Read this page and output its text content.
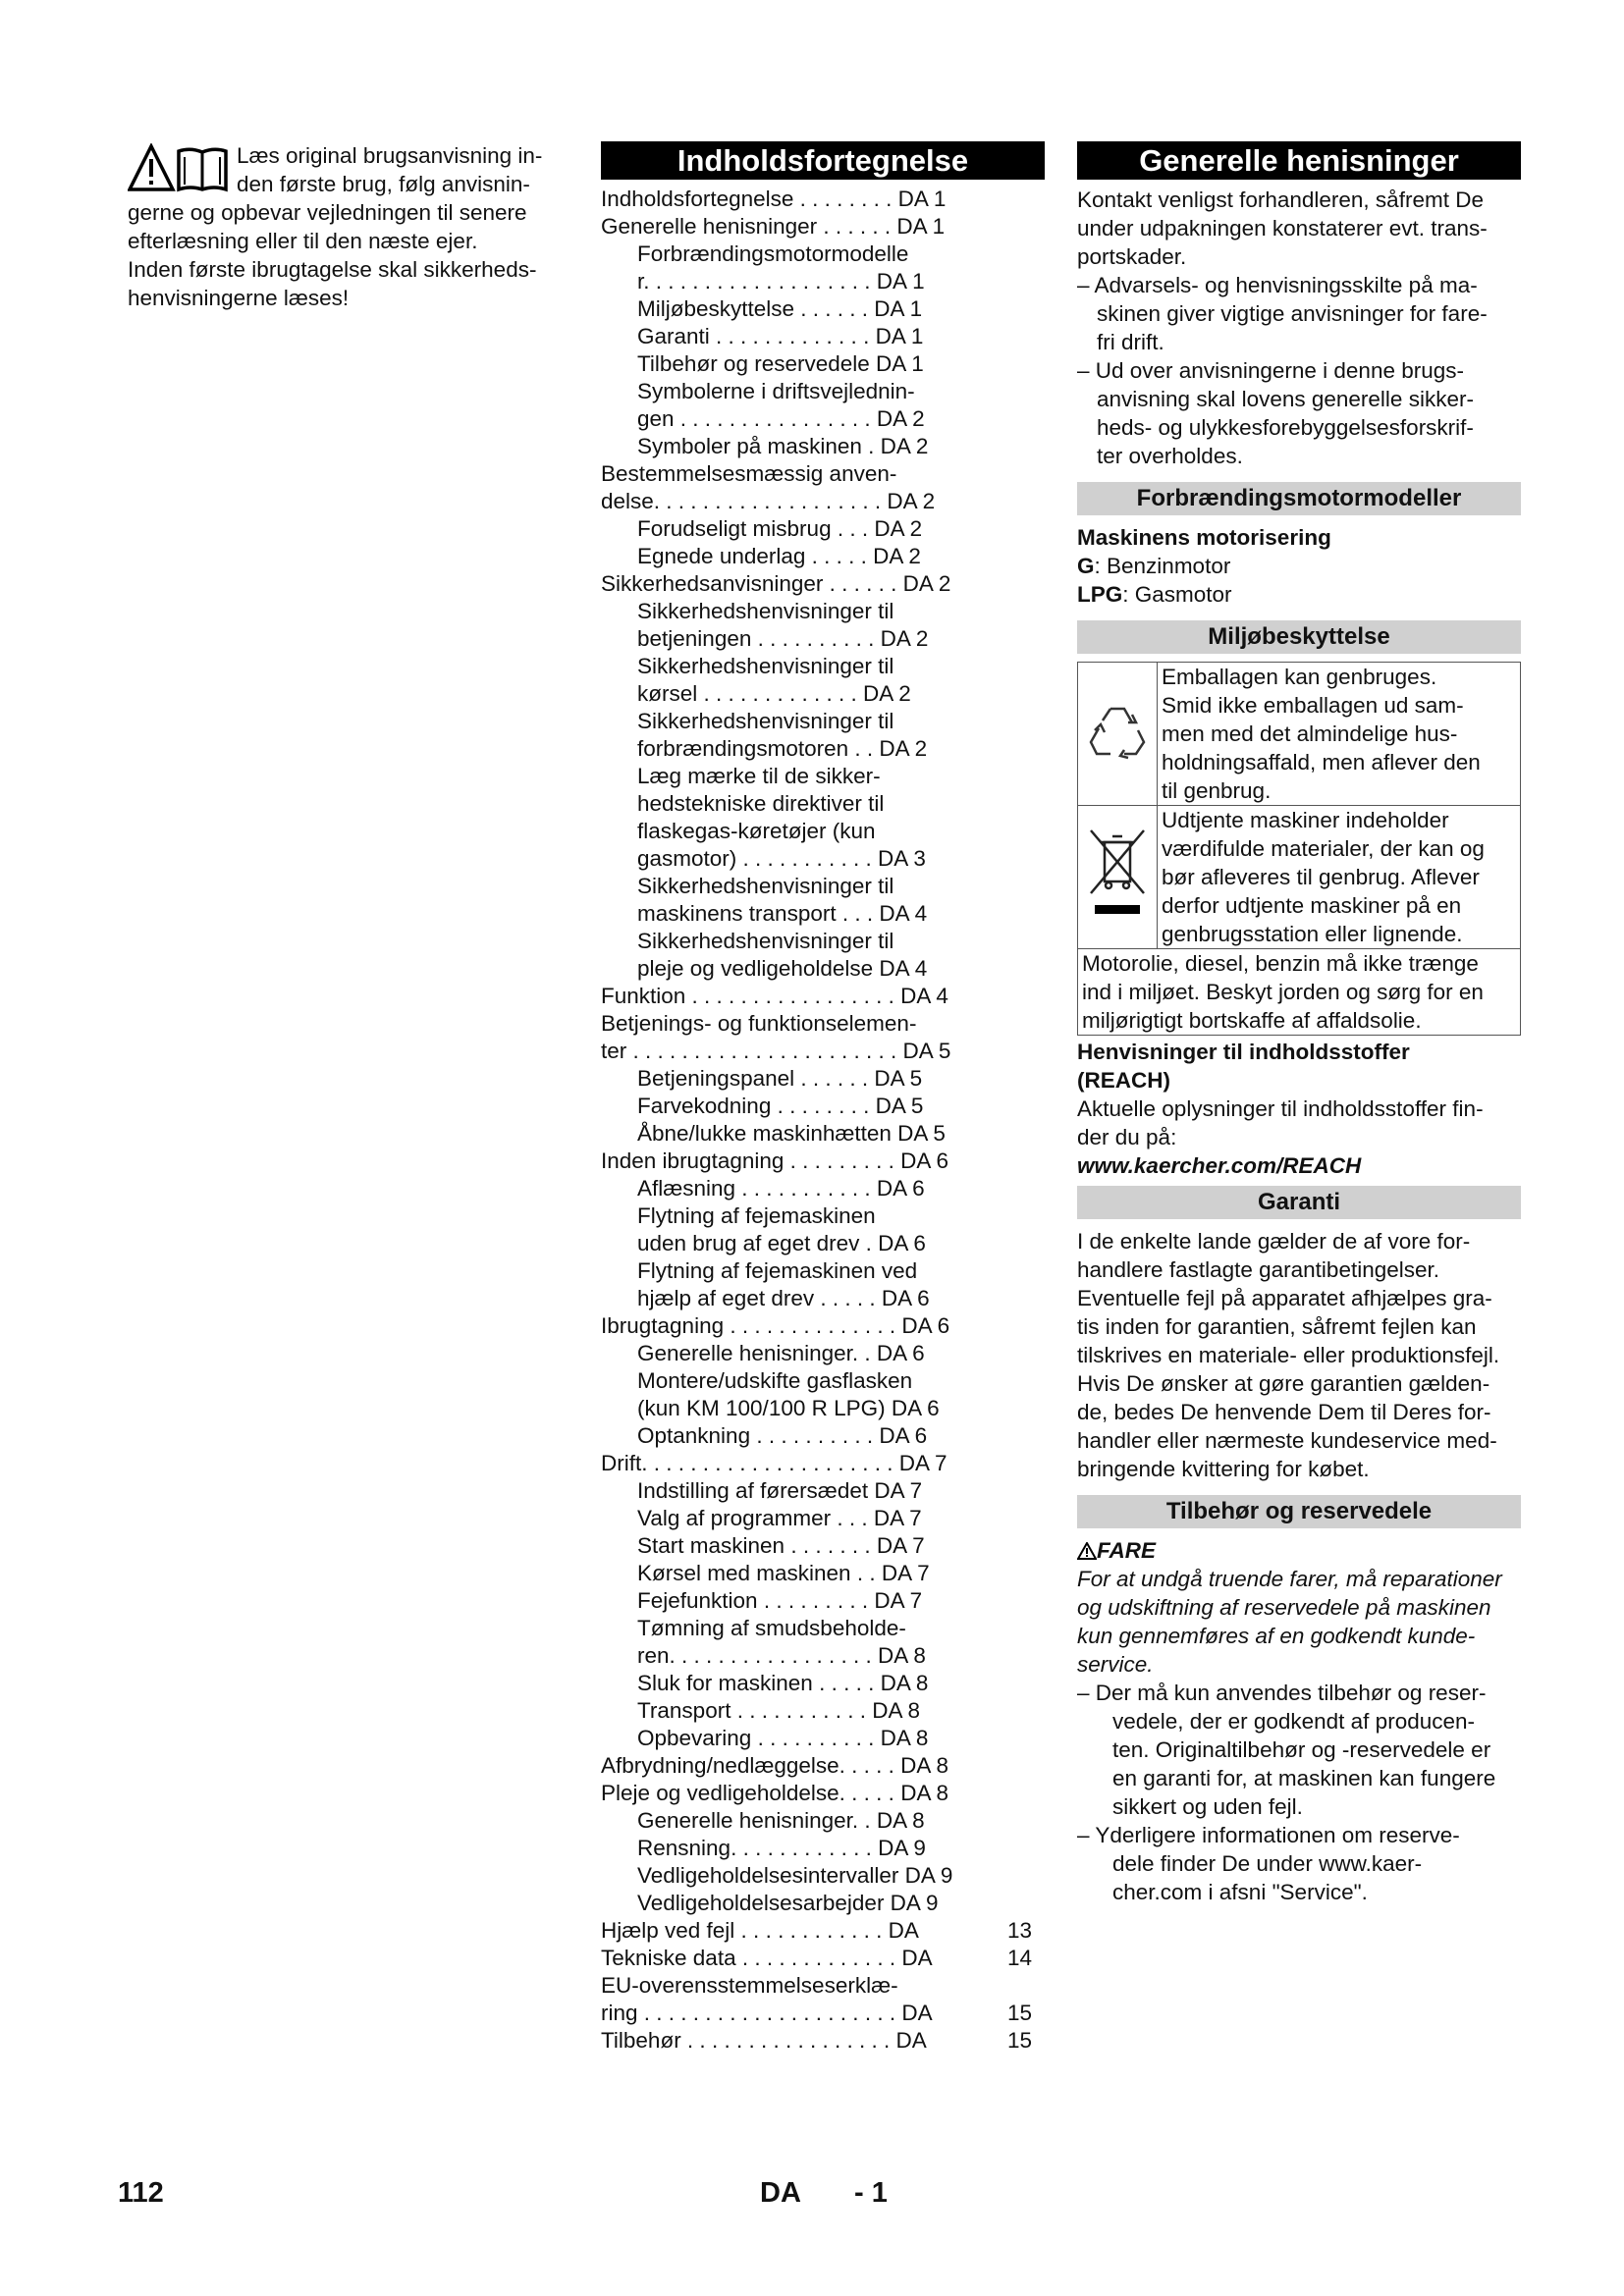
Læs original brugsanvisning in-
den første brug, følg anvisnin-
gerne og opbevar vejledningen til senere
efterlæsning eller til den næste ejer.
Inden første ibrugtagelse skal sikkerheds-
henvisningerne læses!
Indholdsfortegnelse
Indholdsfortegnelse . . . . . . . . DA 1
Generelle henisninger . . . . . . DA 1
Forbrændingsmotormodelle
r. . . . . . . . . . . . . . . . . . . DA 1
Miljøbeskyttelse . . . . . . DA 1
Garanti . . . . . . . . . . . . . DA 1
Tilbehør og reservedele DA 1
Symbolerne i driftsvejlednin-
gen . . . . . . . . . . . . . . . . DA 2
Symboler på maskinen . DA 2
Bestemmelsesmæssig anven-
delse. . . . . . . . . . . . . . . . . . . DA 2
Forudseligt misbrug . . . DA 2
Egnede underlag . . . . . DA 2
Sikkerhedsanvisninger . . . . . . DA 2
Sikkerhedshenvisninger til
betjeningen . . . . . . . . . . DA 2
Sikkerhedshenvisninger til
kørsel . . . . . . . . . . . . . DA 2
Sikkerhedshenvisninger til
forbrændingsmotoren . . DA 2
Læg mærke til de sikker-
hedstekniske direktiver til
flaskegas-køretøjer (kun
gasmotor) . . . . . . . . . . . DA 3
Sikkerhedshenvisninger til
maskinens transport . . . DA 4
Sikkerhedshenvisninger til
pleje og vedligeholdelse DA 4
Funktion . . . . . . . . . . . . . . . . . DA 4
Betjenings- og funktionselemen-
ter . . . . . . . . . . . . . . . . . . . . . . DA 5
Betjeningspanel . . . . . . DA 5
Farvekodning . . . . . . . . DA 5
Åbne/lukke maskinhætten DA 5
Inden ibrugtagning . . . . . . . . . DA 6
Aflæsning . . . . . . . . . . . DA 6
Flytning af fejemaskinen
uden brug af eget drev . DA 6
Flytning af fejemaskinen ved
hjælp af eget drev . . . . . DA 6
Ibrugtagning . . . . . . . . . . . . . . DA 6
Generelle henisninger. . DA 6
Montere/udskifte gasflasken
(kun KM 100/100 R LPG) DA 6
Optankning . . . . . . . . . . DA 6
Drift. . . . . . . . . . . . . . . . . . . . . DA 7
Indstilling af førersædet DA 7
Valg af programmer . . . DA 7
Start maskinen . . . . . . . DA 7
Kørsel med maskinen . . DA 7
Fejefunktion . . . . . . . . . DA 7
Tømning af smudsbeholde-
ren. . . . . . . . . . . . . . . . . DA 8
Sluk for maskinen . . . . . DA 8
Transport . . . . . . . . . . . DA 8
Opbevaring . . . . . . . . . . DA 8
Afbrydning/nedlæggelse. . . . . DA 8
Pleje og vedligeholdelse. . . . . DA 8
Generelle henisninger. . DA 8
Rensning. . . . . . . . . . . . DA 9
Vedligeholdelsesintervaller DA 9
Vedligeholdelsesarbejder DA 9
Hjælp ved fejl . . . . . . . . . . . . DA	13
Tekniske data . . . . . . . . . . . . . DA	14
EU-overensstemmelseserklæ-
ring . . . . . . . . . . . . . . . . . . . . . DA	15
Tilbehør . . . . . . . . . . . . . . . . . DA	15
Generelle henisninger
Kontakt venligst forhandleren, såfremt De
under udpakningen konstaterer evt. trans-
portskader.
– Advarsels- og henvisningsskilte på ma-
skinen giver vigtige anvisninger for fare-
fri drift.
– Ud over anvisningerne i denne brugs-
anvisning skal lovens generelle sikker-
heds- og ulykkesforebyggelsesforskrif-
ter overholdes.
Forbrændingsmotormodeller
Maskinens motorisering
G: Benzinmotor
LPG: Gasmotor
Miljøbeskyttelse

Emballagen kan genbruges.
Smid ikke emballagen ud sam-
men med det almindelige hus-
holdningsaffald, men aflever den
til genbrug.

Udtjente maskiner indeholder
værdifulde materialer, der kan og
bør afleveres til genbrug. Aflever
derfor udtjente maskiner på en
genbrugsstation eller lignende.

Motorolie, diesel, benzin må ikke trænge
ind i miljøet. Beskyt jorden og sørg for en
miljørigtigt bortskaffe af affaldsolie.	
Henvisninger til indholdsstoffer
(REACH)
Aktuelle oplysninger til indholdsstoffer fin-
der du på:
www.kaercher.com/REACH
Garanti
I de enkelte lande gælder de af vore for-
handlere fastlagte garantibetingelser.
Eventuelle fejl på apparatet afhjælpes gra-
tis inden for garantien, såfremt fejlen kan
tilskrives en materiale- eller produktionsfejl.
Hvis De ønsker at gøre garantien gælden-
de, bedes De henvende Dem til Deres for-
handler eller nærmeste kundeservice med-
bringende kvittering for købet.
Tilbehør og reservedele
FARE
For at undgå truende farer, må reparationer
og udskiftning af reservedele på maskinen
kun gennemføres af en godkendt kunde-
service.
– Der må kun anvendes tilbehør og reser-
vedele, der er godkendt af producen-
ten. Originaltilbehør og -reservedele er
en garanti for, at maskinen kan fungere
sikkert og uden fejl.
– Yderligere informationen om reserve-
dele finder De under www.kaer-
cher.com i afsni "Service".
112	DA - 1
